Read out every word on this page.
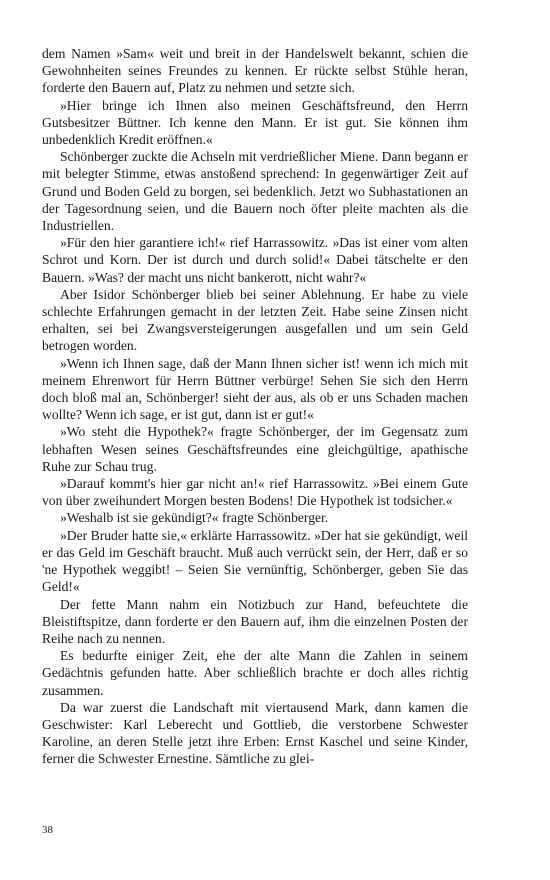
dem Namen »Sam« weit und breit in der Handelswelt bekannt, schien die Gewohnheiten seines Freundes zu kennen. Er rückte selbst Stühle heran, forderte den Bauern auf, Platz zu nehmen und setzte sich.

»Hier bringe ich Ihnen also meinen Geschäftsfreund, den Herrn Gutsbesitzer Büttner. Ich kenne den Mann. Er ist gut. Sie können ihm unbedenklich Kredit eröffnen.«

Schönberger zuckte die Achseln mit verdrießlicher Miene. Dann begann er mit belegter Stimme, etwas anstoßend sprechend: In gegenwärtiger Zeit auf Grund und Boden Geld zu borgen, sei bedenklich. Jetzt wo Subhastationen an der Tagesordnung seien, und die Bauern noch öfter pleite machten als die Industriellen.

»Für den hier garantiere ich!« rief Harrassowitz. »Das ist einer vom alten Schrot und Korn. Der ist durch und durch solid!« Dabei tätschelte er den Bauern. »Was? der macht uns nicht bankerott, nicht wahr?«

Aber Isidor Schönberger blieb bei seiner Ablehnung. Er habe zu viele schlechte Erfahrungen gemacht in der letzten Zeit. Habe seine Zinsen nicht erhalten, sei bei Zwangsversteigerungen ausgefallen und um sein Geld betrogen worden.

»Wenn ich Ihnen sage, daß der Mann Ihnen sicher ist! wenn ich mich mit meinem Ehrenwort für Herrn Büttner verbürge! Sehen Sie sich den Herrn doch bloß mal an, Schönberger! sieht der aus, als ob er uns Schaden machen wollte? Wenn ich sage, er ist gut, dann ist er gut!«

»Wo steht die Hypothek?« fragte Schönberger, der im Gegensatz zum lebhaften Wesen seines Geschäftsfreundes eine gleichgültige, apathische Ruhe zur Schau trug.

»Darauf kommt's hier gar nicht an!« rief Harrassowitz. »Bei einem Gute von über zweihundert Morgen besten Bodens! Die Hypothek ist todsicher.«

»Weshalb ist sie gekündigt?« fragte Schönberger.

»Der Bruder hatte sie,« erklärte Harrassowitz. »Der hat sie gekündigt, weil er das Geld im Geschäft braucht. Muß auch verrückt sein, der Herr, daß er so 'ne Hypothek weggibt! – Seien Sie vernünftig, Schönberger, geben Sie das Geld!«

Der fette Mann nahm ein Notizbuch zur Hand, befeuchtete die Bleistiftspitze, dann forderte er den Bauern auf, ihm die einzelnen Posten der Reihe nach zu nennen.

Es bedurfte einiger Zeit, ehe der alte Mann die Zahlen in seinem Gedächtnis gefunden hatte. Aber schließlich brachte er doch alles richtig zusammen.

Da war zuerst die Landschaft mit viertausend Mark, dann kamen die Geschwister: Karl Leberecht und Gottlieb, die verstorbene Schwester Karoline, an deren Stelle jetzt ihre Erben: Ernst Kaschel und seine Kinder, ferner die Schwester Ernestine. Sämtliche zu glei-

38
